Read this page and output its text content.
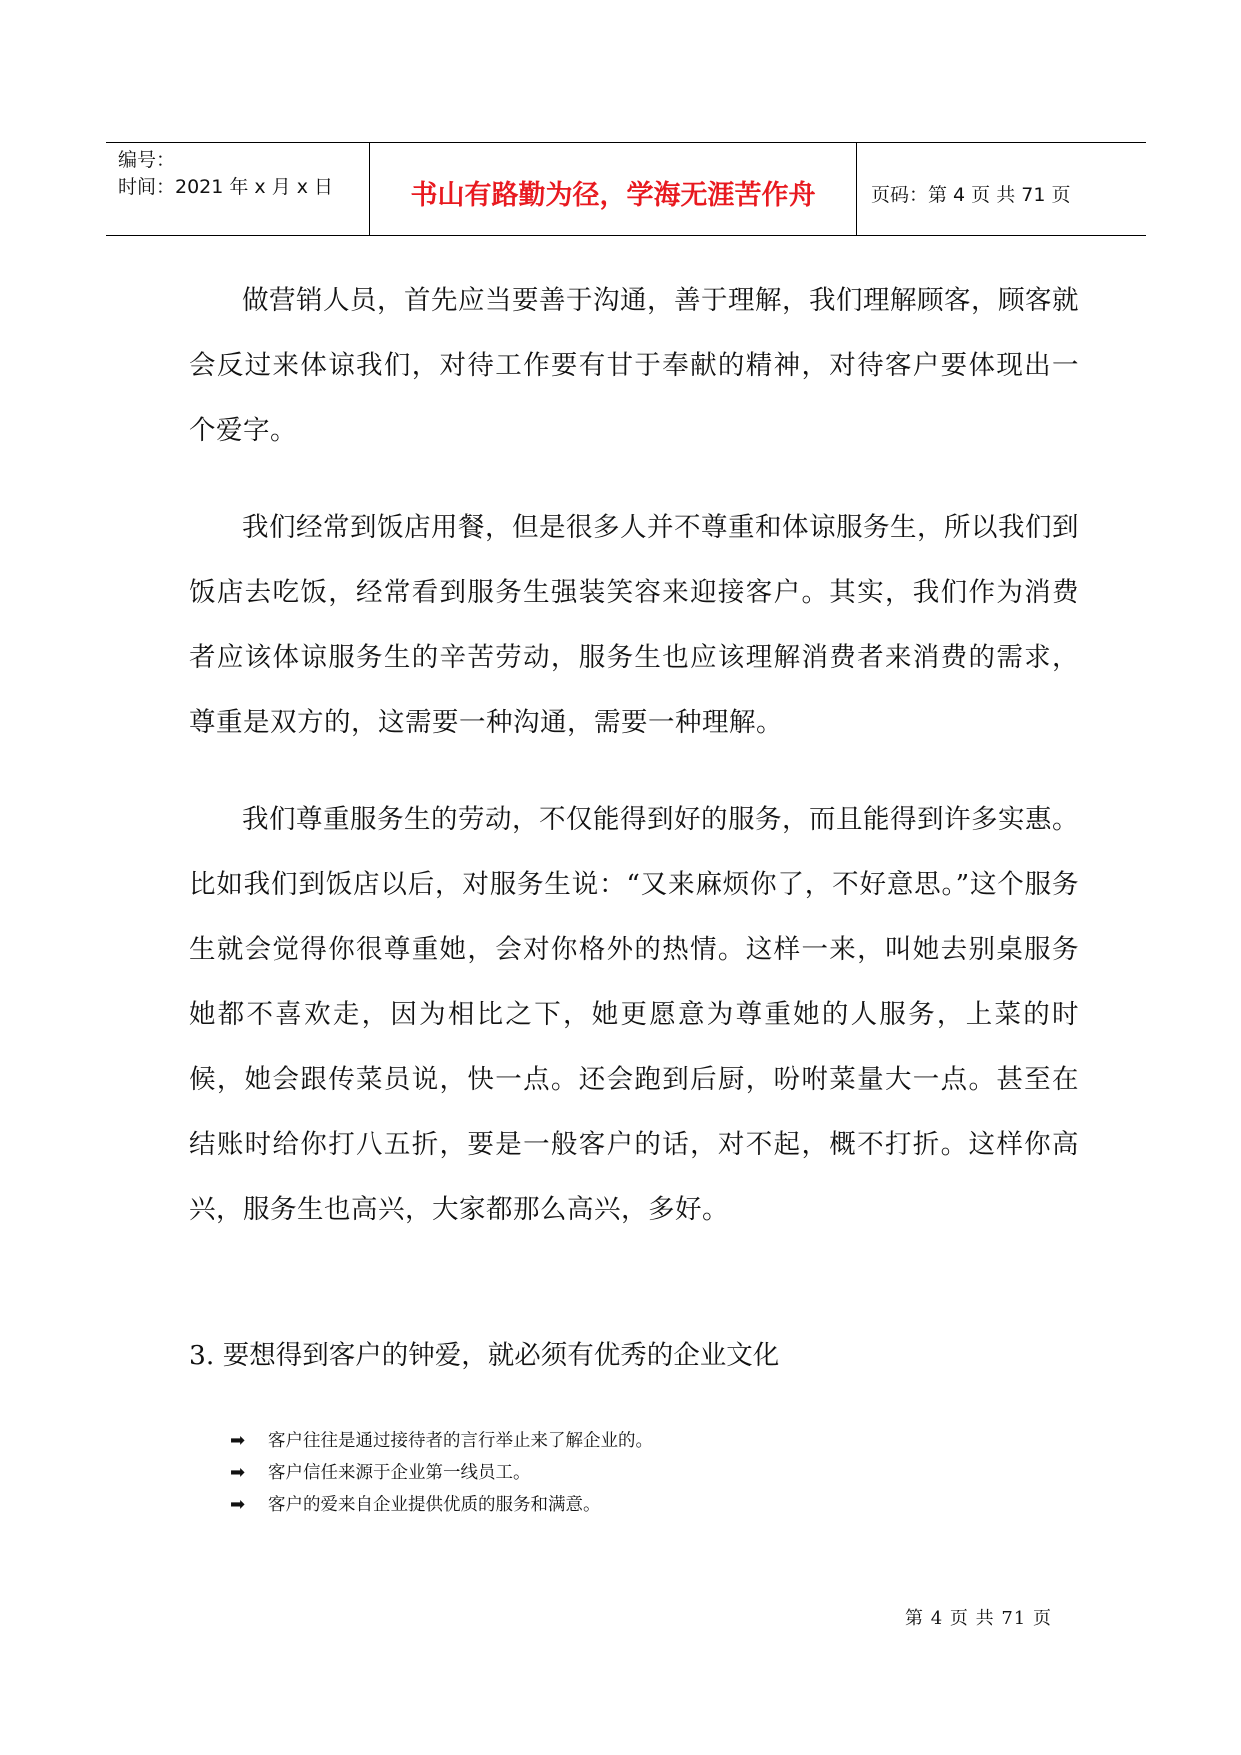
编号：
时间：2021 年 x 月 x 日	书山有路勤为径，学海无涯苦作舟	页码：第 4 页 共 71 页

做营销人员，首先应当要善于沟通，善于理解，我们理解顾客，顾客就会反过来体谅我们，对待工作要有甘于奉献的精神，对待客户要体现出一个爱字。

我们经常到饭店用餐，但是很多人并不尊重和体谅服务生，所以我们到饭店去吃饭，经常看到服务生强装笑容来迎接客户。其实，我们作为消费者应该体谅服务生的辛苦劳动，服务生也应该理解消费者来消费的需求，尊重是双方的，这需要一种沟通，需要一种理解。

我们尊重服务生的劳动，不仅能得到好的服务，而且能得到许多实惠。比如我们到饭店以后，对服务生说：“又来麻烦你了，不好意思。”这个服务生就会觉得你很尊重她，会对你格外的热情。这样一来，叫她去别桌服务她都不喜欢走，因为相比之下，她更愿意为尊重她的人服务，上菜的时候，她会跟传菜员说，快一点。还会跑到后厨，吩咐菜量大一点。甚至在结账时给你打八五折，要是一般客户的话，对不起，概不打折。这样你高兴，服务生也高兴，大家都那么高兴，多好。

3. 要想得到客户的钟爱，就必须有优秀的企业文化

➡	客户往往是通过接待者的言行举止来了解企业的。
➡	客户信任来源于企业第一线员工。
➡	客户的爱来自企业提供优质的服务和满意。
第 4 页 共 71 页
